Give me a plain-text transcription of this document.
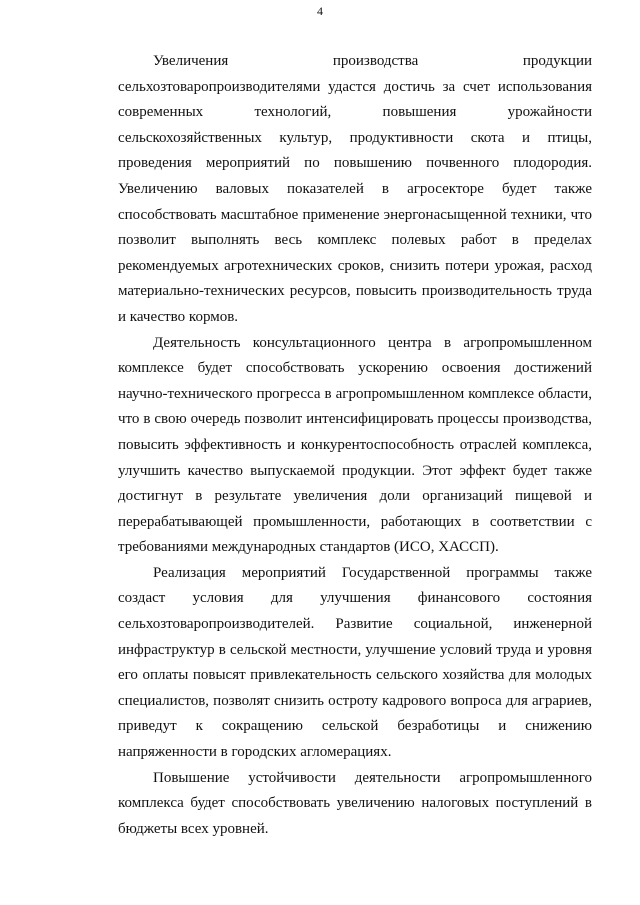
4

Увеличения производства продукции сельхозтоваропроизводителями удастся достичь за счет использования современных технологий, повышения урожайности сельскохозяйственных культур, продуктивности скота и птицы, проведения мероприятий по повышению почвенного плодородия. Увеличению валовых показателей в агросекторе будет также способствовать масштабное применение энергонасыщенной техники, что позволит выполнять весь комплекс полевых работ в пределах рекомендуемых агротехнических сроков, снизить потери урожая, расход материально-технических ресурсов, повысить производительность труда и качество кормов.

Деятельность консультационного центра в агропромышленном комплексе будет способствовать ускорению освоения достижений научно-технического прогресса в агропромышленном комплексе области, что в свою очередь позволит интенсифицировать процессы производства, повысить эффективность и конкурентоспособность отраслей комплекса, улучшить качество выпускаемой продукции. Этот эффект будет также достигнут в результате увеличения доли организаций пищевой и перерабатывающей промышленности, работающих в соответствии с требованиями международных стандартов (ИСО, ХАССП).

Реализация мероприятий Государственной программы также создаст условия для улучшения финансового состояния сельхозтоваропроизводителей. Развитие социальной, инженерной инфраструктур в сельской местности, улучшение условий труда и уровня его оплаты повысят привлекательность сельского хозяйства для молодых специалистов, позволят снизить остроту кадрового вопроса для аграриев, приведут к сокращению сельской безработицы и снижению напряженности в городских агломерациях.

Повышение устойчивости деятельности агропромышленного комплекса будет способствовать увеличению налоговых поступлений в бюджеты всех уровней.
